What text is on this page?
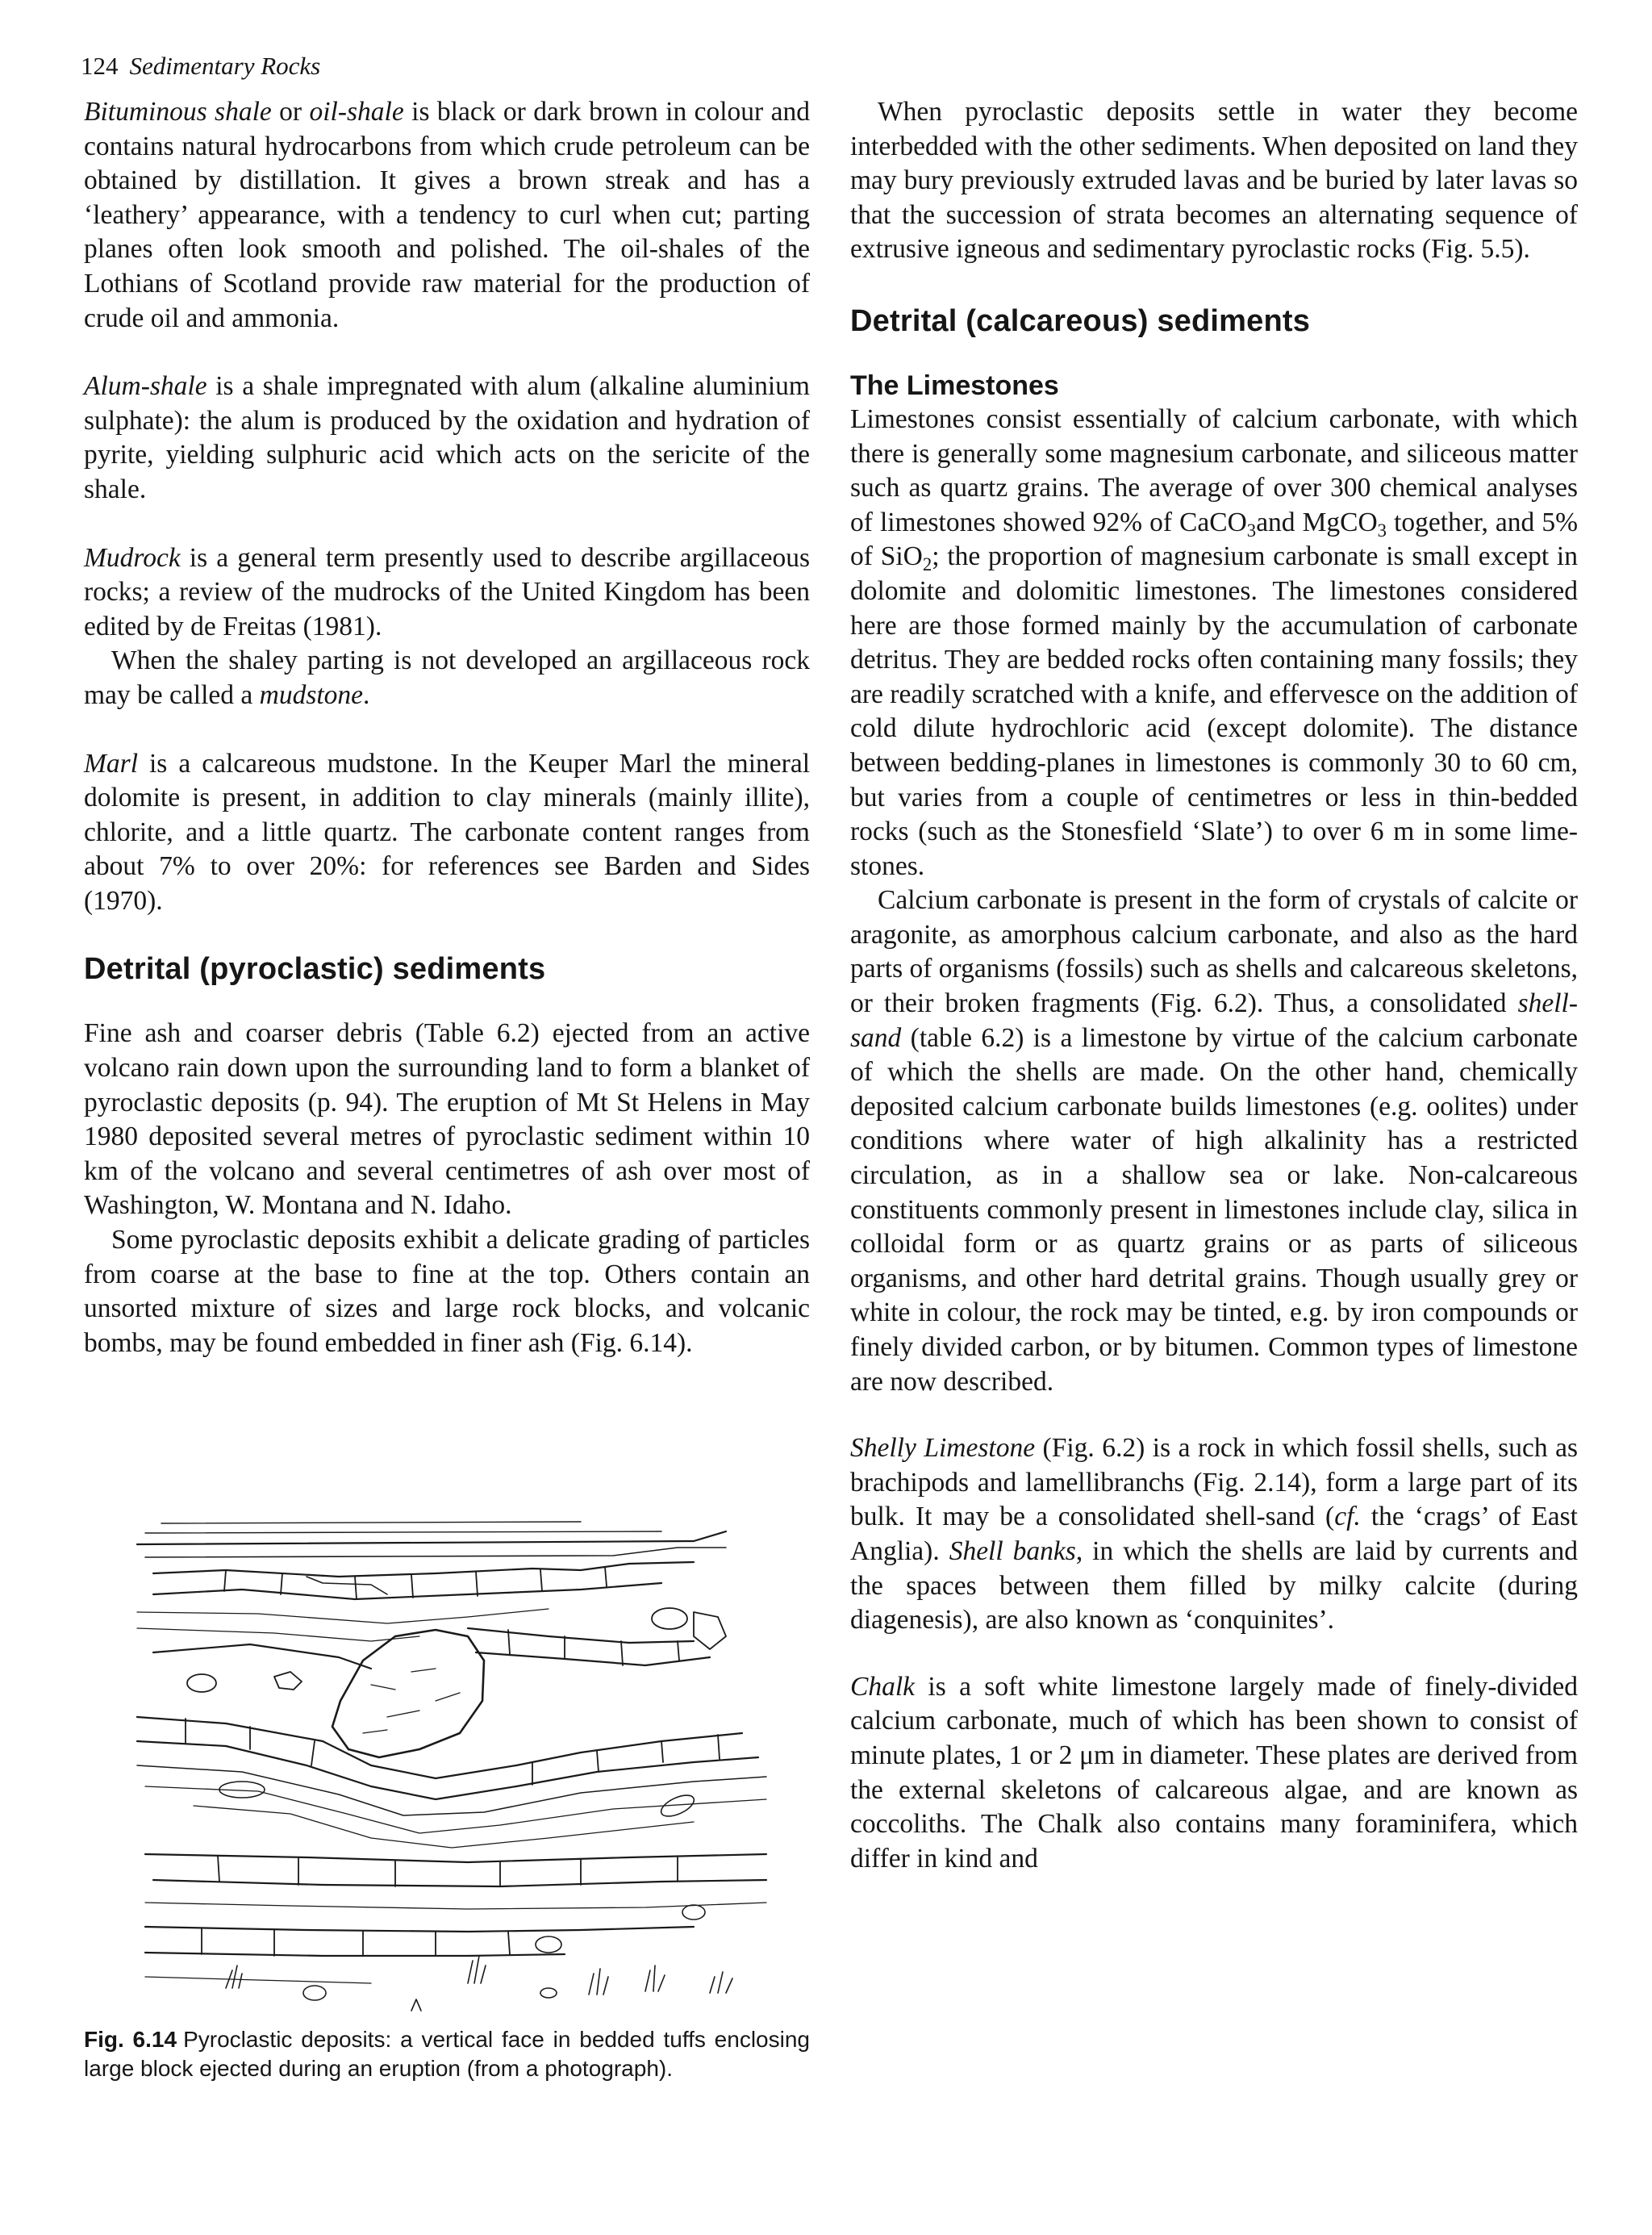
124 Sedimentary Rocks

Bituminous shale or oil-shale is black or dark brown in colour and contains natural hydrocarbons from which crude petroleum can be obtained by distillation. It gives a brown streak and has a ‘leathery’ appearance, with a tendency to curl when cut; parting planes often look smooth and polished. The oil-shales of the Lothians of Scotland provide raw material for the production of crude oil and ammonia.

Alum-shale is a shale impregnated with alum (alkaline aluminium sulphate): the alum is produced by the oxidation and hydration of pyrite, yielding sulphuric acid which acts on the sericite of the shale.

Mudrock is a general term presently used to describe argillaceous rocks; a review of the mudrocks of the United Kingdom has been edited by de Freitas (1981).

When the shaley parting is not developed an argillaceous rock may be called a mudstone.

Marl is a calcareous mudstone. In the Keuper Marl the mineral dolomite is present, in addition to clay minerals (mainly illite), chlorite, and a little quartz. The carbonate content ranges from about 7% to over 20%: for references see Barden and Sides (1970).

Detrital (pyroclastic) sediments

Fine ash and coarser debris (Table 6.2) ejected from an active volcano rain down upon the surrounding land to form a blanket of pyroclastic deposits (p. 94). The eruption of Mt St Helens in May 1980 deposited several metres of pyroclastic sediment within 10 km of the volcano and several centimetres of ash over most of Washington, W. Montana and N. Idaho.

Some pyroclastic deposits exhibit a delicate grading of particles from coarse at the base to fine at the top. Others contain an unsorted mixture of sizes and large rock blocks, and volcanic bombs, may be found embedded in finer ash (Fig. 6.14).

Fig. 6.14 Pyroclastic deposits: a vertical face in bedded tuffs enclosing large block ejected during an eruption (from a photograph).

When pyroclastic deposits settle in water they become interbedded with the other sediments. When deposited on land they may bury previously extruded lavas and be buried by later lavas so that the succession of strata becomes an alternating sequence of extrusive igneous and sedimentary pyroclastic rocks (Fig. 5.5).

Detrital (calcareous) sediments
The Limestones

Limestones consist essentially of calcium carbonate, with which there is generally some magnesium carbonate, and siliceous matter such as quartz grains. The average of over 300 chemical analyses of limestones showed 92% of CaCO$_3$and MgCO$_3$ together, and 5% of SiO$_2$; the proportion of magnesium carbonate is small except in dolomite and dolomitic limestones. The limestones considered here are those formed mainly by the accumulation of carbonate detritus. They are bedded rocks often containing many fossils; they are readily scratched with a knife, and effervesce on the addition of cold dilute hydrochloric acid (except dolomite). The distance between bedding-planes in limestones is commonly 30 to 60 cm, but varies from a couple of centimetres or less in thin-bedded rocks (such as the Stonesfield ‘Slate’) to over 6 m in some limestones.

Calcium carbonate is present in the form of crystals of calcite or aragonite, as amorphous calcium carbonate, and also as the hard parts of organisms (fossils) such as shells and calcareous skeletons, or their broken fragments (Fig. 6.2). Thus, a consolidated shell-sand (table 6.2) is a limestone by virtue of the calcium carbonate of which the shells are made. On the other hand, chemically deposited calcium carbonate builds limestones (e.g. oolites) under conditions where water of high alkalinity has a restricted circulation, as in a shallow sea or lake. Non-calcareous constituents commonly present in limestones include clay, silica in colloidal form or as quartz grains or as parts of siliceous organisms, and other hard detrital grains. Though usually grey or white in colour, the rock may be tinted, e.g. by iron compounds or finely divided carbon, or by bitumen. Common types of limestone are now described.

Shelly Limestone (Fig. 6.2) is a rock in which fossil shells, such as brachipods and lamellibranchs (Fig. 2.14), form a large part of its bulk. It may be a consolidated shell-sand (cf. the ‘crags’ of East Anglia). Shell banks, in which the shells are laid by currents and the spaces between them filled by milky calcite (during diagenesis), are also known as ‘conquinites’.

Chalk is a soft white limestone largely made of finely-divided calcium carbonate, much of which has been shown to consist of minute plates, 1 or 2 μm in diameter. These plates are derived from the external skeletons of calcareous algae, and are known as coccoliths. The Chalk also contains many foraminifera, which differ in kind and
